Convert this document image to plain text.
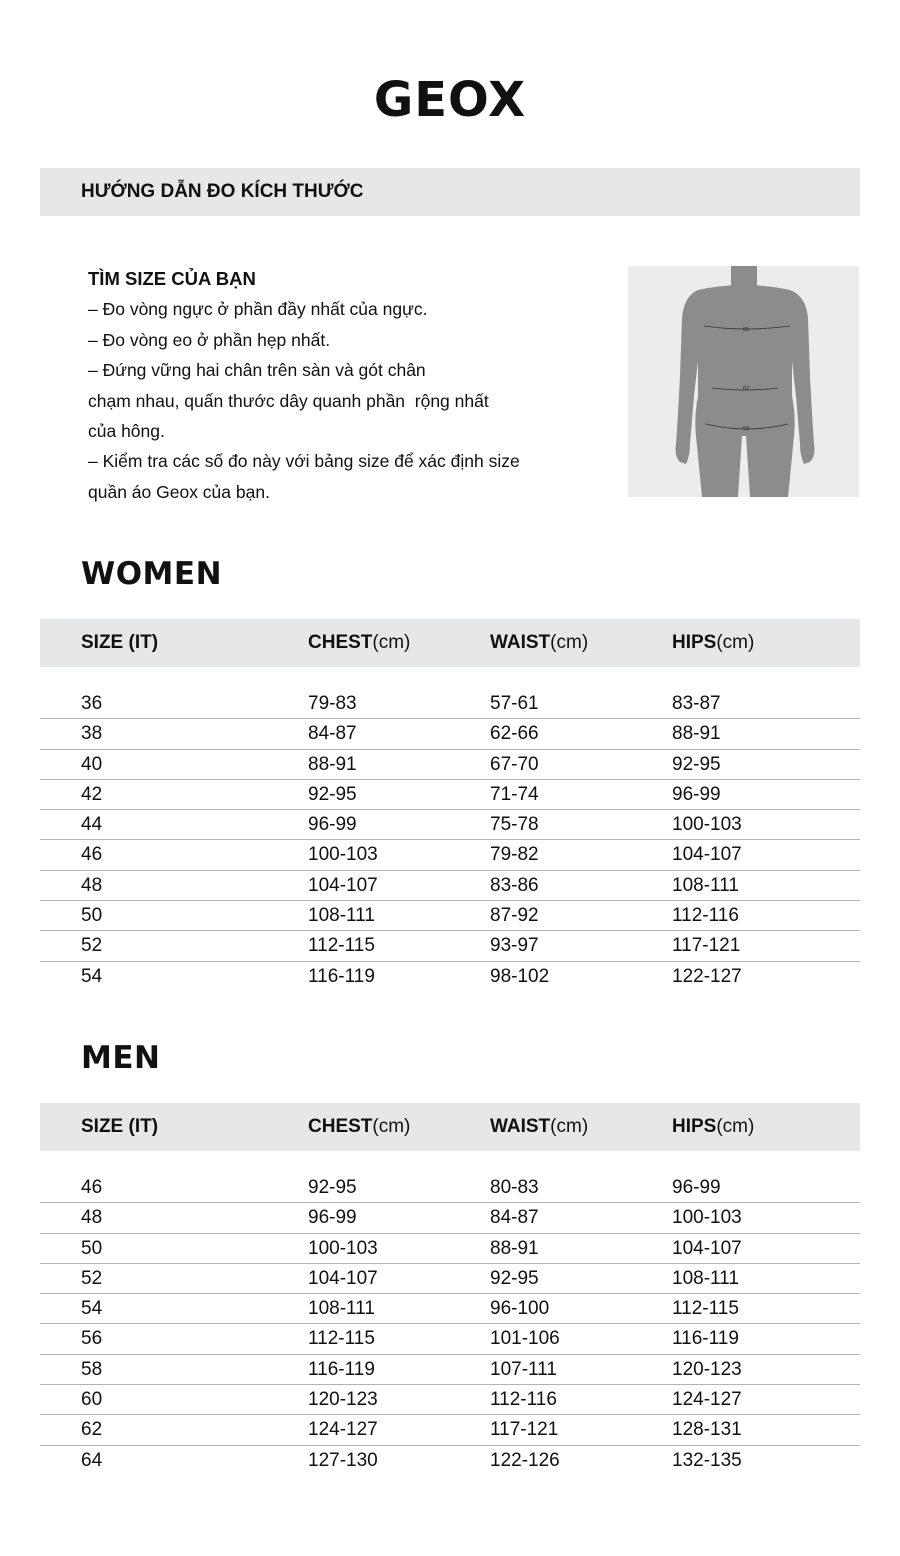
GEOX
HƯỚNG DẪN ĐO KÍCH THƯỚC

TÌM SIZE CỦA BẠN

– Đo vòng ngực ở phần đầy nhất của ngực.

– Đo vòng eo ở phần hẹp nhất.

– Đứng vững hai chân trên sàn và gót chân

chạm nhau, quấn thước dây quanh phần  rộng nhất

của hông.

– Kiểm tra các số đo này với bảng size để xác định size

quần áo Geox của bạn.

01
02
03
WOMEN
SIZE (IT)	CHEST(cm)	WAIST(cm)	HIPS(cm)
36	79-83	57-61	83-87
38	84-87	62-66	88-91
40	88-91	67-70	92-95
42	92-95	71-74	96-99
44	96-99	75-78	100-103
46	100-103	79-82	104-107
48	104-107	83-86	108-111
50	108-111	87-92	112-116
52	112-115	93-97	117-121
54	116-119	98-102	122-127
MEN
SIZE (IT)	CHEST(cm)	WAIST(cm)	HIPS(cm)
46	92-95	80-83	96-99
48	96-99	84-87	100-103
50	100-103	88-91	104-107
52	104-107	92-95	108-111
54	108-111	96-100	112-115
56	112-115	101-106	116-119
58	116-119	107-111	120-123
60	120-123	112-116	124-127
62	124-127	117-121	128-131
64	127-130	122-126	132-135
